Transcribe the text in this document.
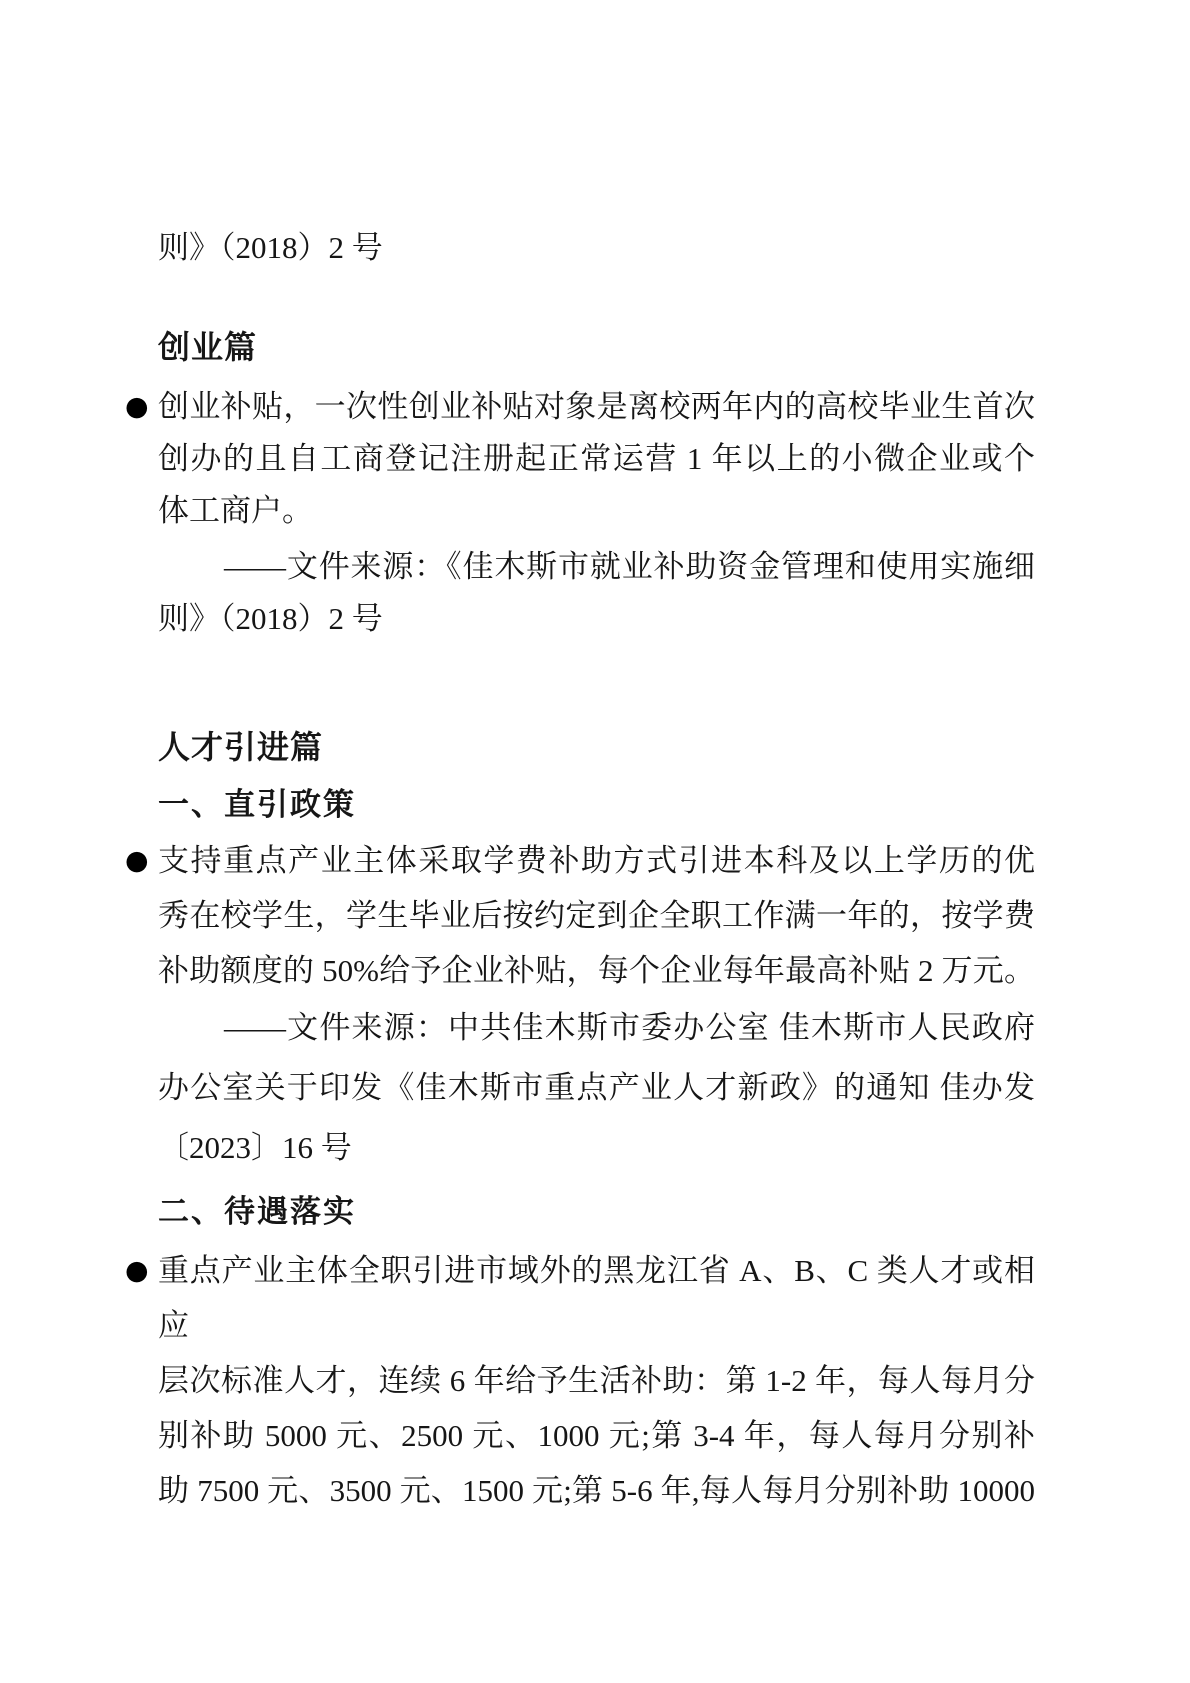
则》（2018）2 号
创业篇
● 创业补贴，一次性创业补贴对象是离校两年内的高校毕业生首次
创办的且自工商登记注册起正常运营 1 年以上的小微企业或个
体工商户。
——文件来源：《佳木斯市就业补助资金管理和使用实施细
则》（2018）2 号
人才引进篇
一、直引政策
● 支持重点产业主体采取学费补助方式引进本科及以上学历的优
秀在校学生，学生毕业后按约定到企全职工作满一年的，按学费
补助额度的 50%给予企业补贴，每个企业每年最高补贴 2 万元。
——文件来源：中共佳木斯市委办公室 佳木斯市人民政府
办公室关于印发《佳木斯市重点产业人才新政》的通知 佳办发
〔2023〕16 号
二、待遇落实
● 重点产业主体全职引进市域外的黑龙江省 A、B、C 类人才或相应
层次标准人才，连续 6 年给予生活补助：第 1-2 年，每人每月分
别补助 5000 元、2500 元、1000 元;第 3-4 年，每人每月分别补
助 7500 元、3500 元、1500 元;第 5-6 年,每人每月分别补助 10000
